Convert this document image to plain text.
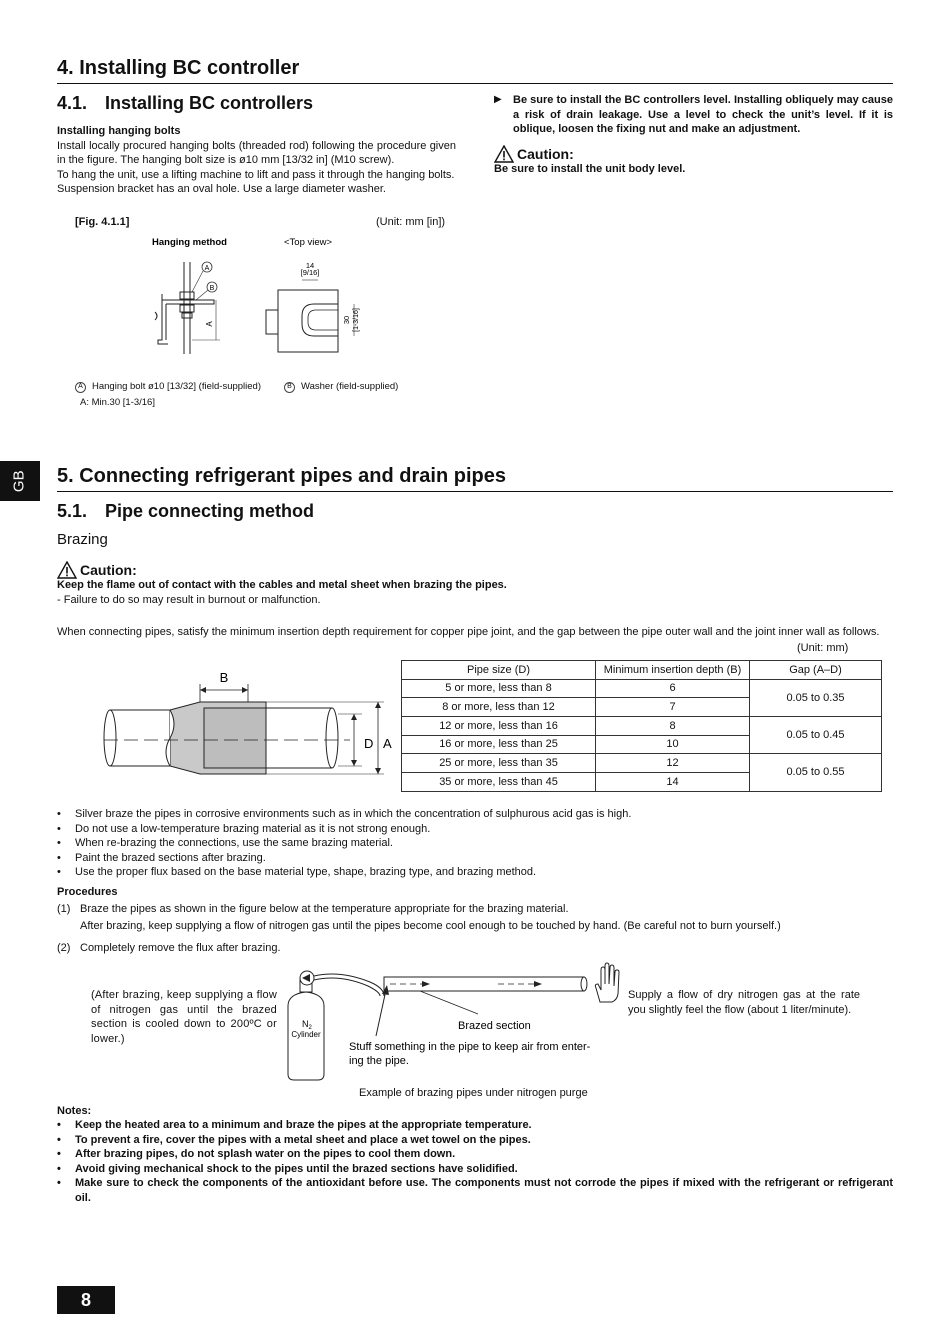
GB
4. Installing BC controller
4.1. Installing BC controllers
Installing hanging bolts
Install locally procured hanging bolts (threaded rod) following the procedure given in the figure. The hanging bolt size is ø10 mm [13/32 in] (M10 screw).
To hang the unit, use a lifting machine to lift and pass it through the hanging bolts.
Suspension bracket has an oval hole. Use a large diameter washer.
[Fig. 4.1.1]	(Unit: mm [in])
Hanging method	<Top view>
A
B
A
14
[9/16]
30 [1-3/16]
A Hanging bolt ø10 [13/32] (field-supplied)	B Washer (field-supplied)
A: Min.30 [1-3/16]
▶	Be sure to install the BC controllers level. Installing obliquely may cause a risk of drain leakage. Use a level to check the unit’s level. If it is oblique, loosen the fixing nut and make an adjustment.
Caution:
Be sure to install the unit body level.
5. Connecting refrigerant pipes and drain pipes
5.1. Pipe connecting method
Brazing
Caution:
Keep the flame out of contact with the cables and metal sheet when brazing the pipes.
- Failure to do so may result in burnout or malfunction.
When connecting pipes, satisfy the minimum insertion depth requirement for copper pipe joint, and the gap between the pipe outer wall and the joint inner wall as follows.
(Unit: mm)
B
D A
Pipe size (D)	Minimum insertion depth (B)	Gap (A–D)
5 or more, less than 8	6	0.05 to 0.35
8 or more, less than 12	7	
12 or more, less than 16	8	0.05 to 0.45
16 or more, less than 25	10	
25 or more, less than 35	12	0.05 to 0.55
35 or more, less than 45	14	
• Silver braze the pipes in corrosive environments such as in which the concentration of sulphurous acid gas is high.
• Do not use a low-temperature brazing material as it is not strong enough.
• When re-brazing the connections, use the same brazing material.
• Paint the brazed sections after brazing.
• Use the proper flux based on the base material type, shape, brazing type, and brazing method.
Procedures
(1) Braze the pipes as shown in the figure below at the temperature appropriate for the brazing material.
After brazing, keep supplying a flow of nitrogen gas until the pipes become cool enough to be touched by hand. (Be careful not to burn yourself.)
(2) Completely remove the flux after brazing.
(After brazing, keep supplying a flow of nitrogen gas until the brazed section is cooled down to 200ºC or lower.)
Supply a flow of dry nitrogen gas at the rate you slightly feel the flow (about 1 liter/minute).
$N_2$
Cylinder
Brazed section
Stuff something in the pipe to keep air from enter-
ing the pipe.
Example of brazing pipes under nitrogen purge
Notes:
• Keep the heated area to a minimum and braze the pipes at the appropriate temperature.
• To prevent a fire, cover the pipes with a metal sheet and place a wet towel on the pipes.
• After brazing pipes, do not splash water on the pipes to cool them down.
• Avoid giving mechanical shock to the pipes until the brazed sections have solidified.
• Make sure to check the components of the antioxidant before use. The components must not corrode the pipes if mixed with the refrigerant or refrigerant oil.
8
